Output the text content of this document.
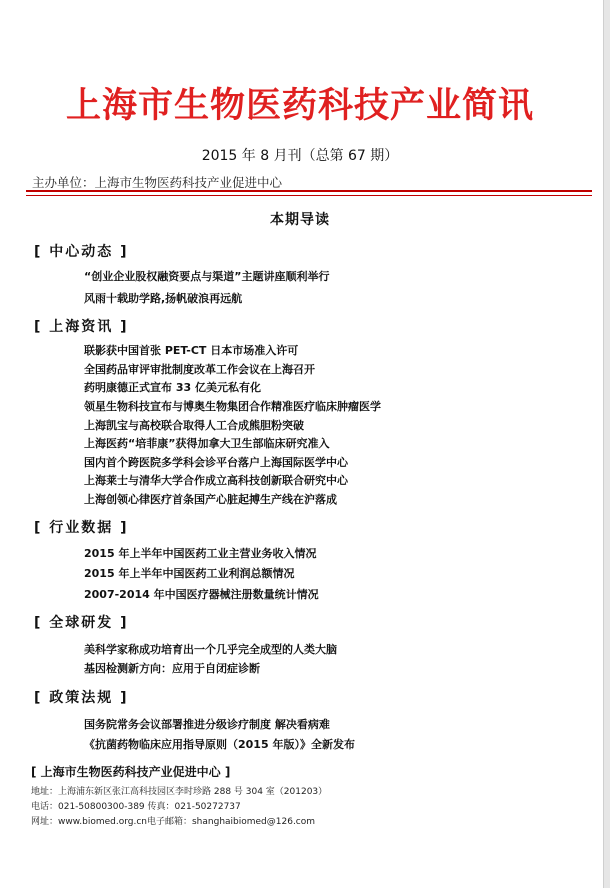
上海市生物医药科技产业简讯
2015 年 8 月刊（总第 67 期）
主办单位：上海市生物医药科技产业促进中心
本期导读
[ 中心动态 ]
“创业企业股权融资要点与渠道”主题讲座顺利举行
风雨十载助学路,扬帆破浪再远航
[ 上海资讯 ]
联影获中国首张 PET-CT 日本市场准入许可
全国药品审评审批制度改革工作会议在上海召开
药明康德正式宣布 33 亿美元私有化
领星生物科技宣布与博奥生物集团合作精准医疗临床肿瘤医学
上海凯宝与高校联合取得人工合成熊胆粉突破
上海医药“培菲康”获得加拿大卫生部临床研究准入
国内首个跨医院多学科会诊平台落户上海国际医学中心
上海莱士与清华大学合作成立高科技创新联合研究中心
上海创领心律医疗首条国产心脏起搏生产线在沪落成
[ 行业数据 ]
2015 年上半年中国医药工业主营业务收入情况
2015 年上半年中国医药工业利润总额情况
2007-2014 年中国医疗器械注册数量统计情况
[ 全球研发 ]
美科学家称成功培育出一个几乎完全成型的人类大脑
基因检测新方向：应用于自闭症诊断
[ 政策法规 ]
国务院常务会议部署推进分级诊疗制度 解决看病难
《抗菌药物临床应用指导原则（2015 年版）》全新发布
[ 上海市生物医药科技产业促进中心 ]
地址：上海浦东新区张江高科技园区李时珍路 288 号 304 室（201203）
电话：021-50800300-389 传真：021-50272737
网址：www.biomed.org.cn电子邮箱：shanghaibiomed@126.com
